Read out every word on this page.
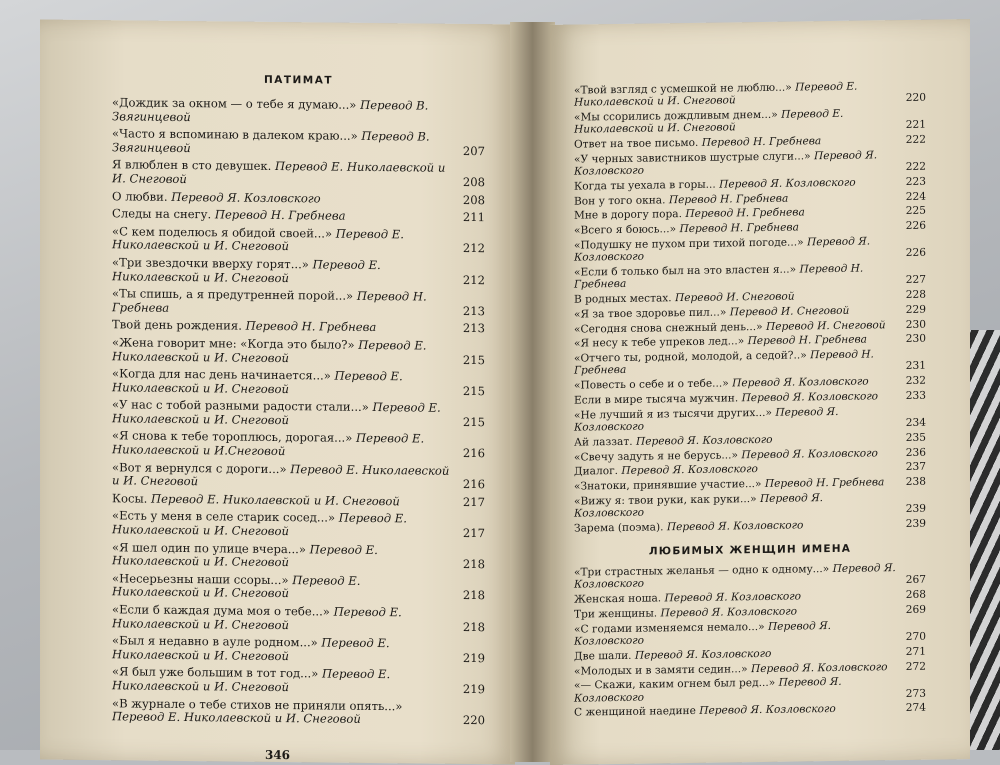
ПАТИМАТ
«Дождик за окном — о тебе я думаю...» Перевод В. Звягинцевой
«Часто я вспоминаю в далеком краю...» Перевод В. Звягинцевой	207
Я влюблен в сто девушек. Перевод Е. Николаевской и И. Снеговой	208
О любви. Перевод Я. Козловского	208
Следы на снегу. Перевод Н. Гребнева	211
«С кем поделюсь я обидой своей...» Перевод Е. Николаевской и И. Снеговой	212
«Три звездочки вверху горят...» Перевод Е. Николаевской и И. Снеговой	212
«Ты спишь, а я предутренней порой...» Перевод Н. Гребнева	213
Твой день рождения. Перевод Н. Гребнева	213
«Жена говорит мне: «Когда это было?» Перевод Е. Николаевской и И. Снеговой	215
«Когда для нас день начинается...» Перевод Е. Николаевской и И. Снеговой	215
«У нас с тобой разными радости стали...» Перевод Е. Николаевской и И. Снеговой	215
«Я снова к тебе тороплюсь, дорогая...» Перевод Е. Николаевской и И.Снеговой	216
«Вот я вернулся с дороги...» Перевод Е. Николаевской и И. Снеговой	216
Косы. Перевод Е. Николаевской и И. Снеговой	217
«Есть у меня в селе старик сосед...» Перевод Е. Николаевской и И. Снеговой	217
«Я шел один по улице вчера...» Перевод Е. Николаевской и И. Снеговой	218
«Несерьезны наши ссоры...» Перевод Е. Николаевской и И. Снеговой	218
«Если б каждая дума моя о тебе...» Перевод Е. Николаевской и И. Снеговой	218
«Был я недавно в ауле родном...» Перевод Е. Николаевской и И. Снеговой	219
«Я был уже большим в тот год...» Перевод Е. Николаевской и И. Снеговой	219
«В журнале о тебе стихов не приняли опять...» Перевод Е. Николаевской и И. Снеговой	220
346
«Твой взгляд с усмешкой не люблю...» Перевод Е. Николаевской и И. Снеговой	220
«Мы ссорились дождливым днем...» Перевод Е. Николаевской и И. Снеговой	221
Ответ на твое письмо. Перевод Н. Гребнева	222
«У черных завистников шустрые слуги...» Перевод Я. Козловского	222
Когда ты уехала в горы... Перевод Я. Козловского	223
Вон у того окна. Перевод Н. Гребнева	224
Мне в дорогу пора. Перевод Н. Гребнева	225
«Всего я боюсь...» Перевод Н. Гребнева	226
«Подушку не пухом при тихой погоде...» Перевод Я. Козловского	226
«Если б только был на это властен я...» Перевод Н. Гребнева	227
В родных местах. Перевод И. Снеговой	228
«Я за твое здоровье пил...» Перевод И. Снеговой	229
«Сегодня снова снежный день...» Перевод И. Снеговой	230
«Я несу к тебе упреков лед...» Перевод Н. Гребнева	230
«Отчего ты, родной, молодой, а седой?..» Перевод Н. Гребнева	231
«Повесть о себе и о тебе...» Перевод Я. Козловского	232
Если в мире тысяча мужчин. Перевод Я. Козловского	233
«Не лучший я из тысячи других...» Перевод Я. Козловского	234
Ай лаззат. Перевод Я. Козловского	235
«Свечу задуть я не берусь...» Перевод Я. Козловского	236
Диалог. Перевод Я. Козловского	237
«Знатоки, принявшие участие...» Перевод Н. Гребнева	238
«Вижу я: твои руки, как руки...» Перевод Я. Козловского	239
Зарема (поэма). Перевод Я. Козловского	239
ЛЮБИМЫХ ЖЕНЩИН ИМЕНА
«Три страстных желанья — одно к одному...» Перевод Я. Козловского	267
Женская ноша. Перевод Я. Козловского	268
Три женщины. Перевод Я. Козловского	269
«С годами изменяемся немало...» Перевод Я. Козловского	270
Две шали. Перевод Я. Козловского	271
«Молодых и в замяти седин...» Перевод Я. Козловского	272
«— Скажи, каким огнем был ред...» Перевод Я. Козловского	273
С женщиной наедине Перевод Я. Козловского	274
